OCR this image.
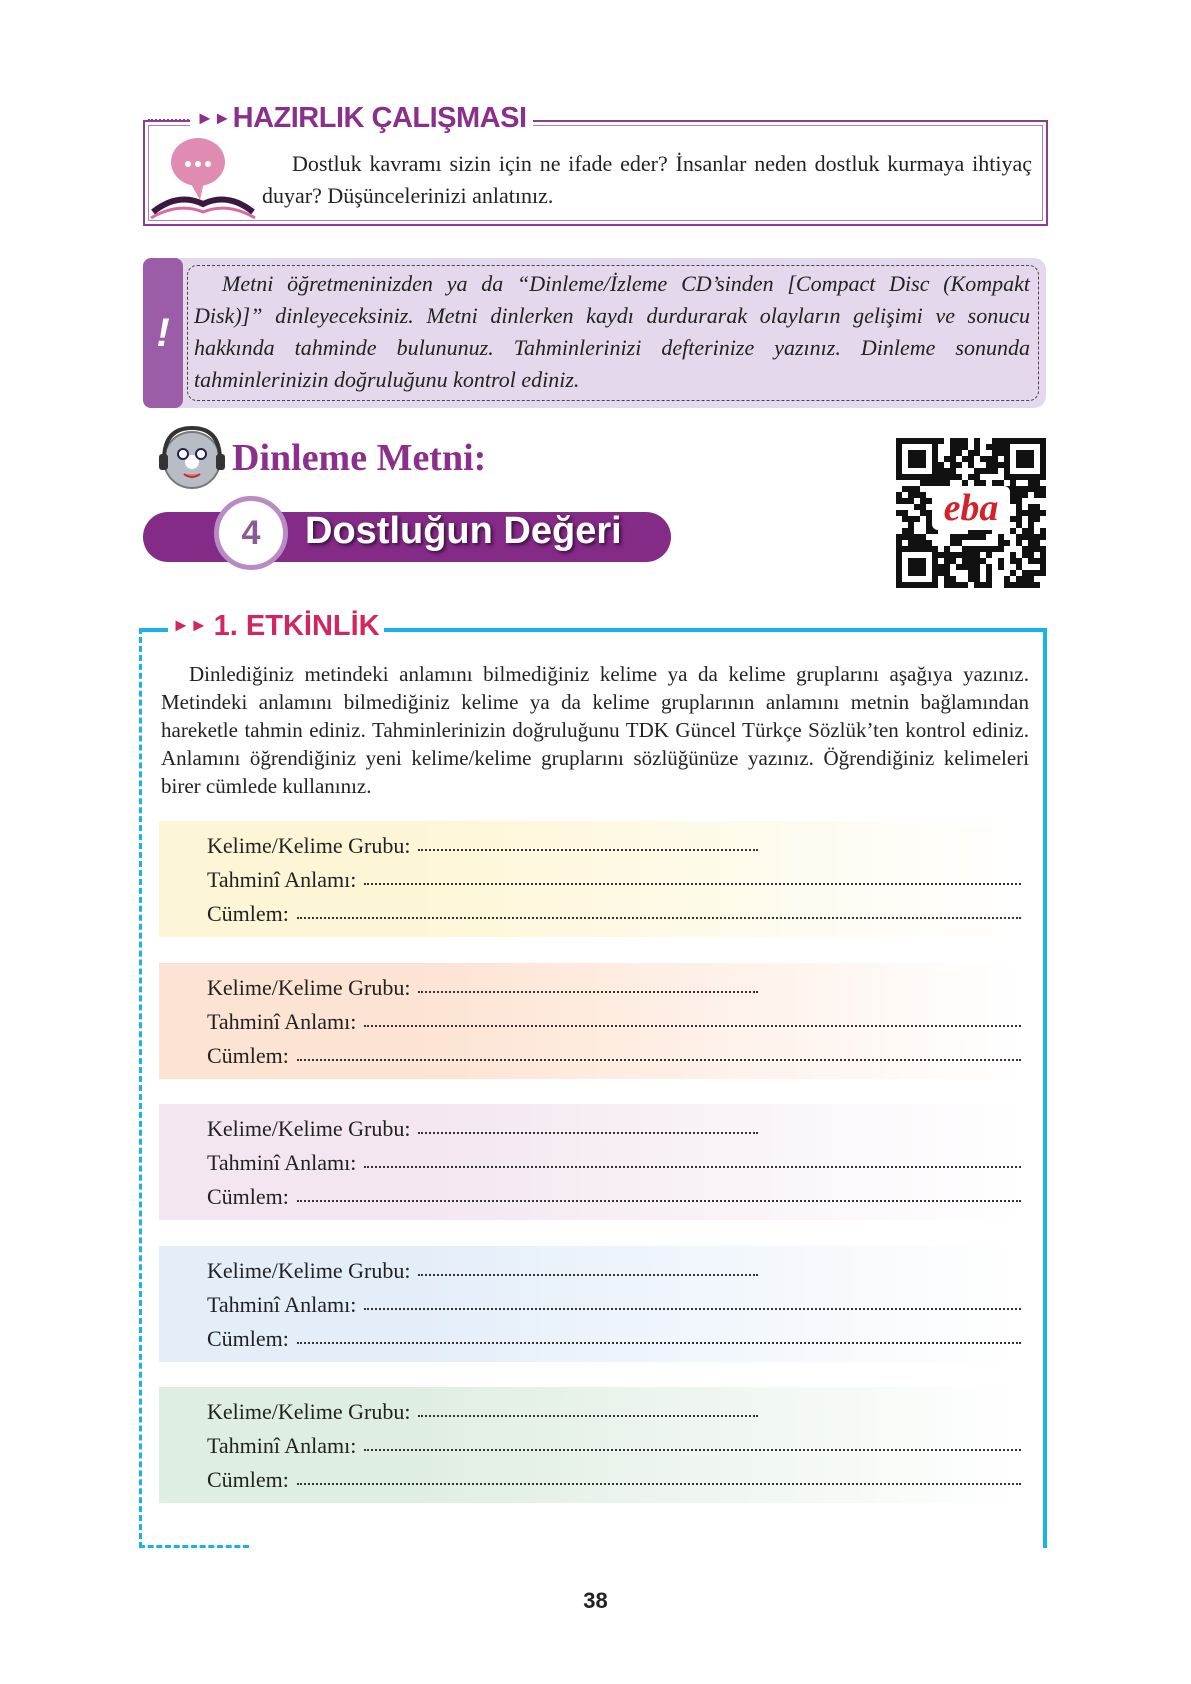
►►HAZIRLIK ÇALIŞMASI
Dostluk kavramı sizin için ne ifade eder? İnsanlar neden dostluk kurmaya ihtiyaç duyar? Düşüncelerinizi anlatınız.
!
Metni öğretmeninizden ya da “Dinleme/İzleme CD’sinden [Compact Disc (Kompakt Disk)]” dinleyeceksiniz. Metni dinlerken kaydı durdurarak olayların gelişimi ve sonucu hakkında tahminde bulununuz. Tahminlerinizi defterinize yazınız. Dinleme sonunda tahminlerinizin doğruluğunu kontrol ediniz.
Dinleme Metni:
4	Dostluğun Değeri
eba
►► 1. ETKİNLİK
Dinlediğiniz metindeki anlamını bilmediğiniz kelime ya da kelime gruplarını aşağıya yazınız. Metindeki anlamını bilmediğiniz kelime ya da kelime gruplarının anlamını metnin bağlamından hareketle tahmin ediniz. Tahminlerinizin doğruluğunu TDK Güncel Türkçe Sözlük’ten kontrol ediniz. Anlamını öğrendiğiniz yeni kelime/kelime gruplarını sözlüğünüze yazınız. Öğrendiğiniz kelimeleri birer cümlede kullanınız.
Kelime/Kelime Grubu:
Tahminî Anlamı:
Cümlem:
Kelime/Kelime Grubu:
Tahminî Anlamı:
Cümlem:
Kelime/Kelime Grubu:
Tahminî Anlamı:
Cümlem:
Kelime/Kelime Grubu:
Tahminî Anlamı:
Cümlem:
Kelime/Kelime Grubu:
Tahminî Anlamı:
Cümlem:
38
